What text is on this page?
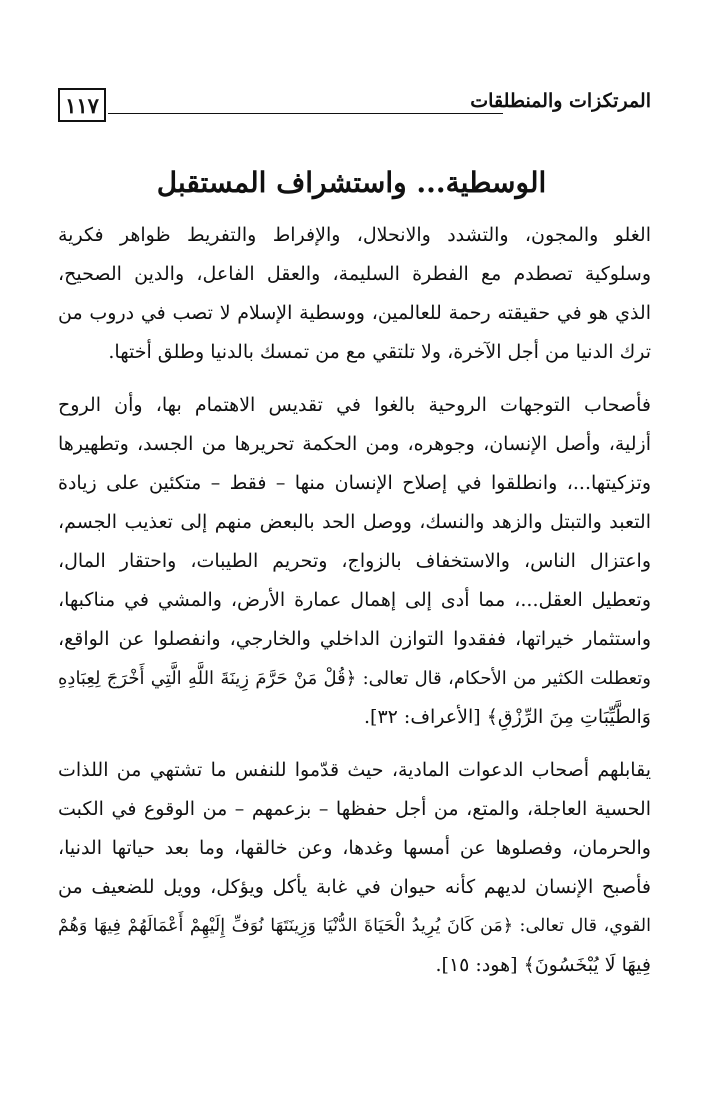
١١٧	المرتكزات والمنطلقات
الوسطية... واستشراف المستقبل
الغلو والمجون، والتشدد والانحلال، والإفراط والتفريط ظواهر فكرية
وسلوكية تصطدم مع الفطرة السليمة، والعقل الفاعل، والدين الصحيح،
الذي هو في حقيقته رحمة للعالمين، ووسطية الإسلام لا تصب في دروب من
ترك الدنيا من أجل الآخرة، ولا تلتقي مع من تمسك بالدنيا وطلق أختها.
فأصحاب التوجهات الروحية بالغوا في تقديس الاهتمام بها، وأن الروح
أزلية، وأصل الإنسان، وجوهره، ومن الحكمة تحريرها من الجسد، وتطهيرها
وتزكيتها...، وانطلقوا في إصلاح الإنسان منها – فقط – متكئين على زيادة
التعبد والتبتل والزهد والنسك، ووصل الحد بالبعض منهم إلى تعذيب الجسم،
واعتزال الناس، والاستخفاف بالزواج، وتحريم الطيبات، واحتقار المال،
وتعطيل العقل...، مما أدى إلى إهمال عمارة الأرض، والمشي في مناكبها،
واستثمار خيراتها، ففقدوا التوازن الداخلي والخارجي، وانفصلوا عن الواقع،
وتعطلت الكثير من الأحكام، قال تعالى: ﴿قُلْ مَنْ حَرَّمَ زِينَةَ اللَّهِ الَّتِي أَخْرَجَ لِعِبَادِهِ
وَالطَّيِّبَاتِ مِنَ الرِّزْقِ﴾ [الأعراف: ٣٢].
يقابلهم أصحاب الدعوات المادية، حيث قدّموا للنفس ما تشتهي من اللذات
الحسية العاجلة، والمتع، من أجل حفظها – بزعمهم – من الوقوع في الكبت
والحرمان، وفصلوها عن أمسها وغدها، وعن خالقها، وما بعد حياتها الدنيا،
فأصبح الإنسان لديهم كأنه حيوان في غابة يأكل ويؤكل، وويل للضعيف من
القوي، قال تعالى: ﴿مَن كَانَ يُرِيدُ الْحَيَاةَ الدُّنْيَا وَزِينَتَهَا نُوَفِّ إِلَيْهِمْ أَعْمَالَهُمْ فِيهَا وَهُمْ
فِيهَا لَا يُبْخَسُونَ﴾ [هود: ١٥].
